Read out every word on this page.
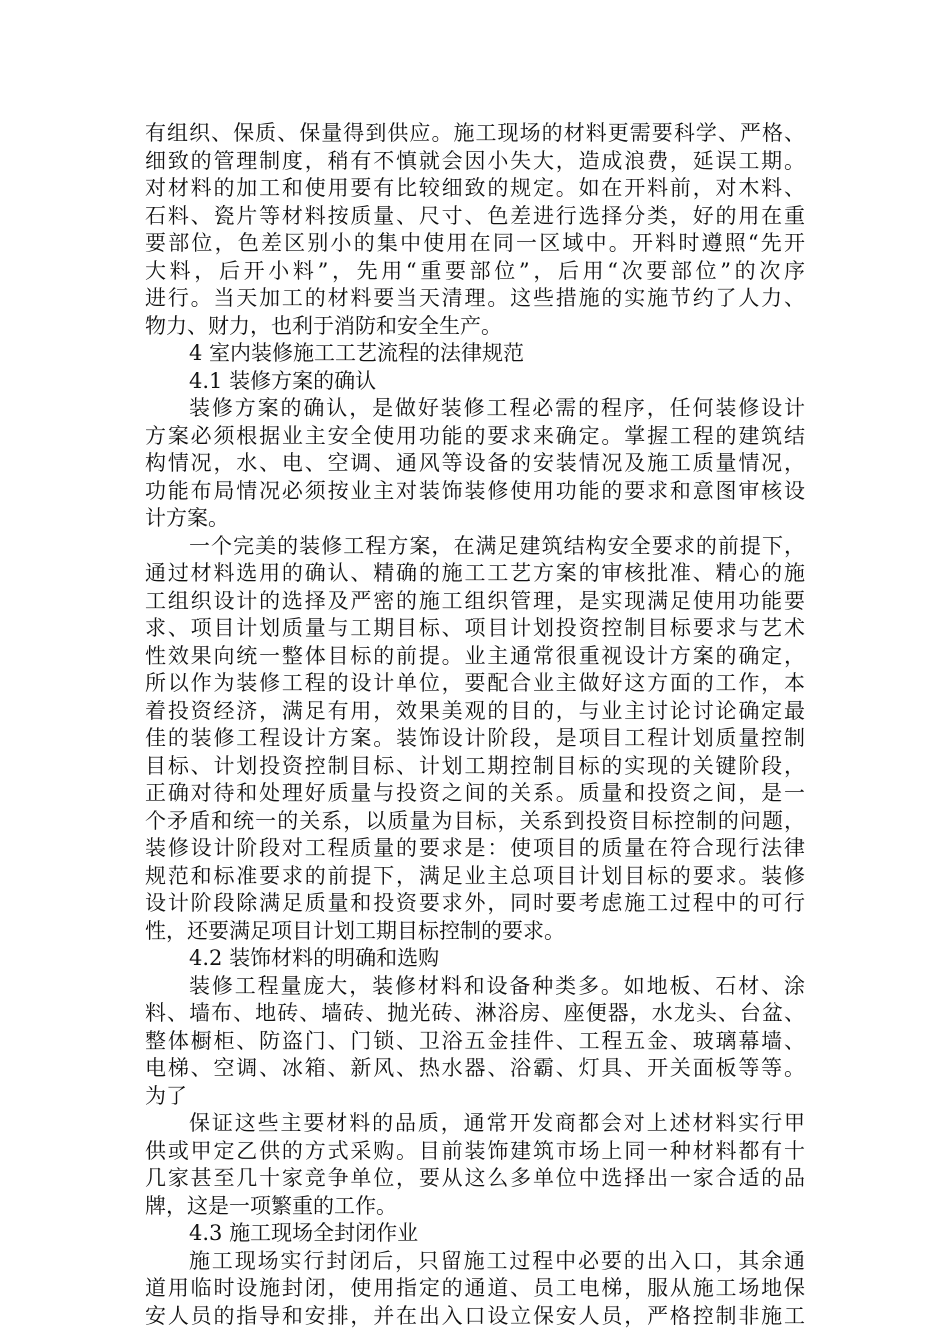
有组织、保质、保量得到供应。施工现场的材料更需要科学、严格、
细致的管理制度，稍有不慎就会因小失大，造成浪费，延误工期。
对材料的加工和使用要有比较细致的规定。如在开料前，对木料、
石料、瓷片等材料按质量、尺寸、色差进行选择分类，好的用在重
要部位，色差区别小的集中使用在同一区域中。开料时遵照“先开
大料，后开小料”，先用“重要部位”，后用“次要部位”的次序
进行。当天加工的材料要当天清理。这些措施的实施节约了人力、
物力、财力，也利于消防和安全生产。
4 室内装修施工工艺流程的法律规范
4.1 装修方案的确认
装修方案的确认，是做好装修工程必需的程序，任何装修设计
方案必须根据业主安全使用功能的要求来确定。掌握工程的建筑结
构情况，水、电、空调、通风等设备的安装情况及施工质量情况，
功能布局情况必须按业主对装饰装修使用功能的要求和意图审核设
计方案。
一个完美的装修工程方案，在满足建筑结构安全要求的前提下，
通过材料选用的确认、精确的施工工艺方案的审核批准、精心的施
工组织设计的选择及严密的施工组织管理，是实现满足使用功能要
求、项目计划质量与工期目标、项目计划投资控制目标要求与艺术
性效果向统一整体目标的前提。业主通常很重视设计方案的确定，
所以作为装修工程的设计单位，要配合业主做好这方面的工作，本
着投资经济，满足有用，效果美观的目的，与业主讨论讨论确定最
佳的装修工程设计方案。装饰设计阶段，是项目工程计划质量控制
目标、计划投资控制目标、计划工期控制目标的实现的关键阶段，
正确对待和处理好质量与投资之间的关系。质量和投资之间，是一
个矛盾和统一的关系，以质量为目标，关系到投资目标控制的问题，
装修设计阶段对工程质量的要求是：使项目的质量在符合现行法律
规范和标准要求的前提下，满足业主总项目计划目标的要求。装修
设计阶段除满足质量和投资要求外，同时要考虑施工过程中的可行
性，还要满足项目计划工期目标控制的要求。
4.2 装饰材料的明确和选购
装修工程量庞大，装修材料和设备种类多。如地板、石材、涂
料、墙布、地砖、墙砖、抛光砖、淋浴房、座便器，水龙头、台盆、
整体橱柜、防盗门、门锁、卫浴五金挂件、工程五金、玻璃幕墙、
电梯、空调、冰箱、新风、热水器、浴霸、灯具、开关面板等等。
为了
保证这些主要材料的品质，通常开发商都会对上述材料实行甲
供或甲定乙供的方式采购。目前装饰建筑市场上同一种材料都有十
几家甚至几十家竞争单位，要从这么多单位中选择出一家合适的品
牌，这是一项繁重的工作。
4.3 施工现场全封闭作业
施工现场实行封闭后，只留施工过程中必要的出入口，其余通
道用临时设施封闭，使用指定的通道、员工电梯，服从施工场地保
安人员的指导和安排，并在出入口设立保安人员，严格控制非施工
